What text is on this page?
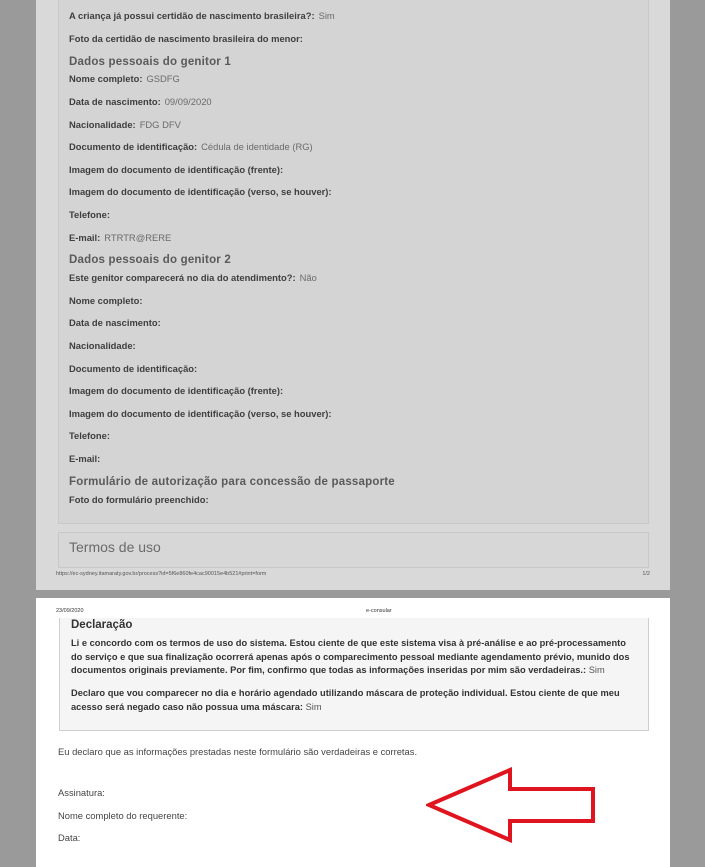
A criança já possui certidão de nascimento brasileira?: Sim
Foto da certidão de nascimento brasileira do menor:
Dados pessoais do genitor 1
Nome completo: GSDFG
Data de nascimento: 09/09/2020
Nacionalidade: FDG DFV
Documento de identificação: Cédula de identidade (RG)
Imagem do documento de identificação (frente):
Imagem do documento de identificação (verso, se houver):
Telefone:
E-mail: RTRTR@RERE
Dados pessoais do genitor 2
Este genitor comparecerá no dia do atendimento?: Não
Nome completo:
Data de nascimento:
Nacionalidade:
Documento de identificação:
Imagem do documento de identificação (frente):
Imagem do documento de identificação (verso, se houver):
Telefone:
E-mail:
Formulário de autorização para concessão de passaporte
Foto do formulário preenchido:
Termos de uso
https://ec-sydney.itamaraty.gov.br/process?id=5f6e860fe4cac90015e4b521#print=form	1/2
23/09/2020	e-consular
Declaração
Li e concordo com os termos de uso do sistema. Estou ciente de que este sistema visa à pré-análise e ao pré-processamento do serviço e que sua finalização ocorrerá apenas após o comparecimento pessoal mediante agendamento prévio, munido dos documentos originais previamente. Por fim, confirmo que todas as informações inseridas por mim são verdadeiras.: Sim
Declaro que vou comparecer no dia e horário agendado utilizando máscara de proteção individual. Estou ciente de que meu acesso será negado caso não possua uma máscara: Sim
Eu declaro que as informações prestadas neste formulário são verdadeiras e corretas.
Assinatura:
Nome completo do requerente:
Data:
